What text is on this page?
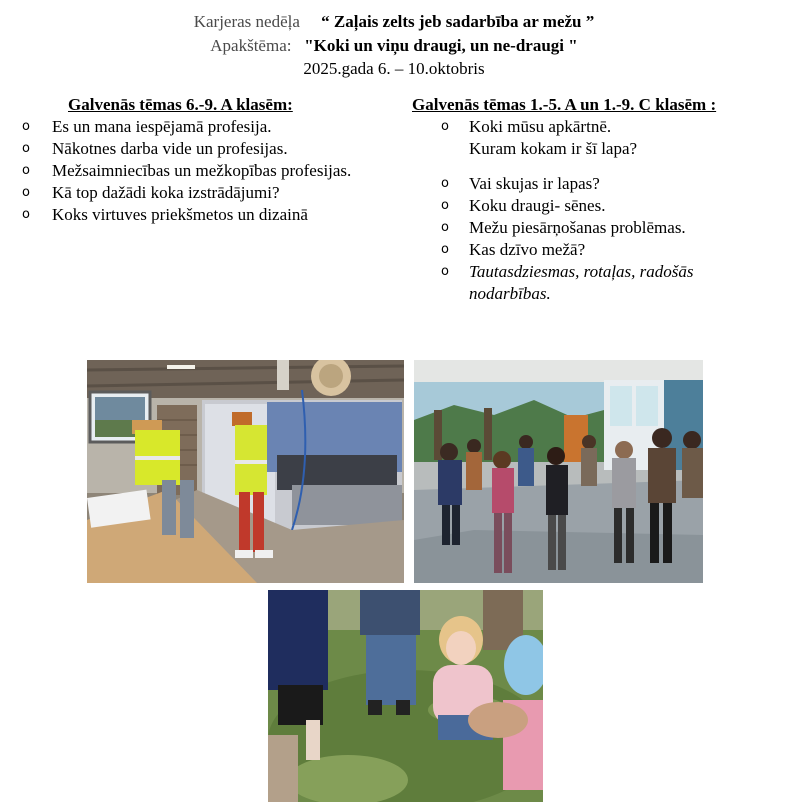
Karjeras nedēļa “ Zaļais zelts jeb sadarbība ar mežu ”
Apakštēma: "Koki un viņu draugi, un ne-draugi "
2025.gada 6. – 10.oktobris
Galvenās tēmas 6.-9. A klasēm:
o Es un mana iespējamā profesija.
o Nākotnes darba vide un profesijas.
o Mežsaimniecības un mežkopības profesijas.
o Kā top dažādi koka izstrādājumi?
o Koks virtuves priekšmetos un dizainā
Galvenās tēmas 1.-5. A un 1.-9. C klasēm :
o Koki mūsu apkārtnē.
Kuram kokam ir šī lapa?
o Vai skujas ir lapas?
o Koku draugi- sēnes.
o Mežu piesārņošanas problēmas.
o Kas dzīvo mežā?
o Tautasdziesmas, rotaļas, radošās
nodarbības.
